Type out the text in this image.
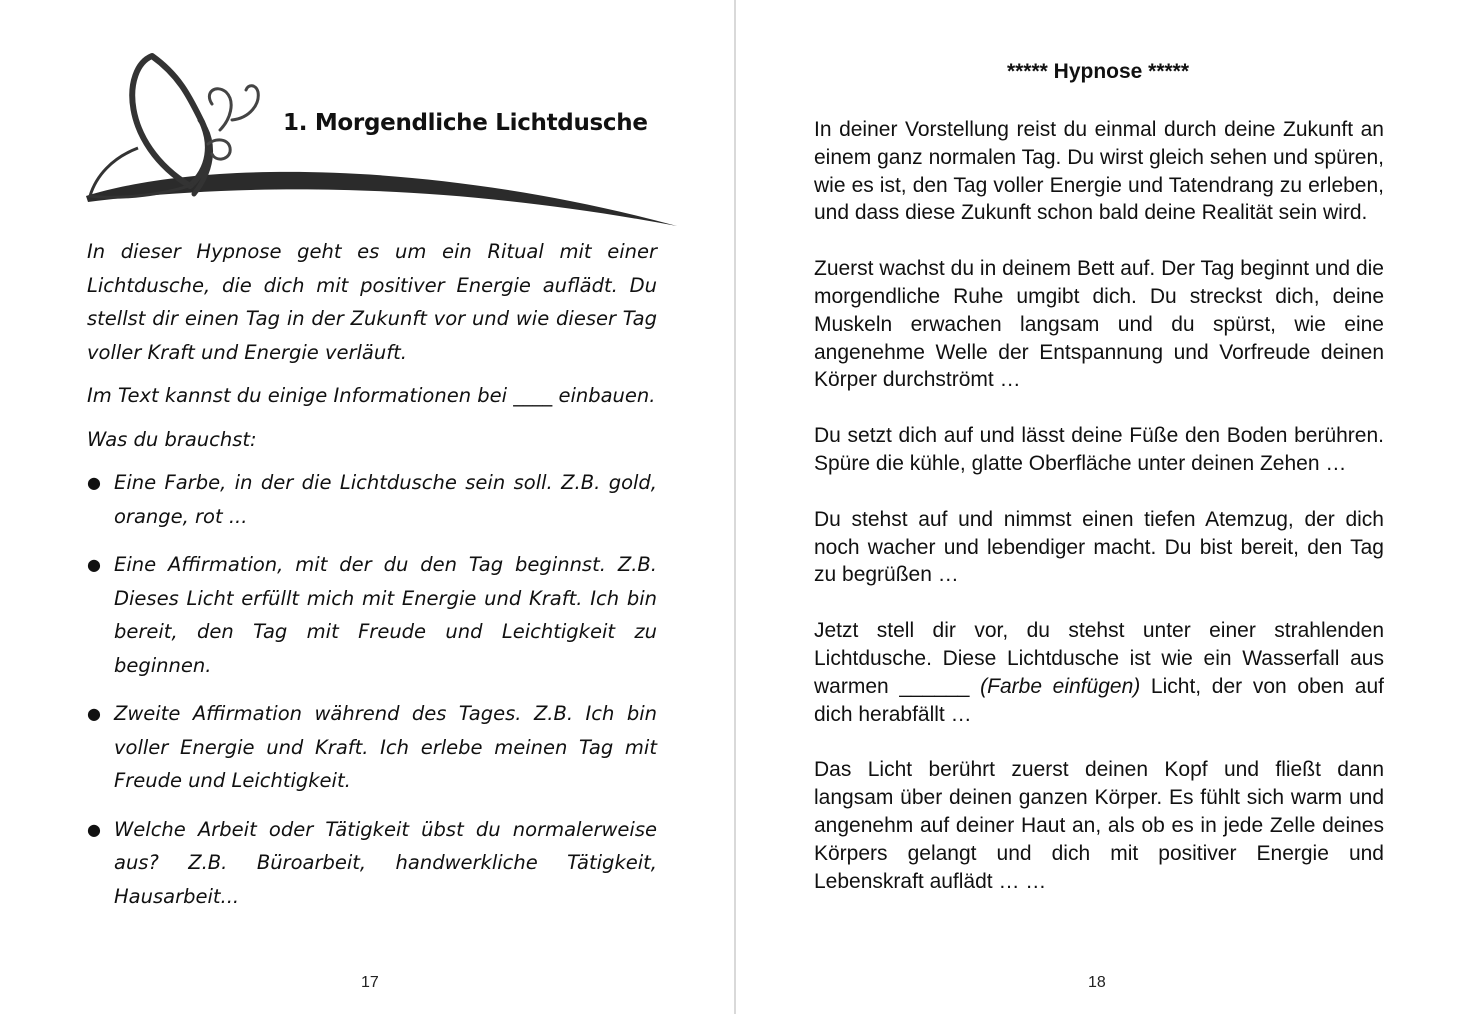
1. Morgendliche Lichtdusche

In dieser Hypnose geht es um ein Ritual mit einer Lichtdusche, die dich mit positiver Energie auflädt. Du stellst dir einen Tag in der Zukunft vor und wie dieser Tag voller Kraft und Energie verläuft.

Im Text kannst du einige Informationen bei ____ einbauen.

Was du brauchst:

● Eine Farbe, in der die Lichtdusche sein soll. Z.B. gold, orange, rot ...
● Eine Affirmation, mit der du den Tag beginnst. Z.B. Dieses Licht erfüllt mich mit Energie und Kraft. Ich bin bereit, den Tag mit Freude und Leichtigkeit zu beginnen.
● Zweite Affirmation während des Tages. Z.B. Ich bin voller Energie und Kraft. Ich erlebe meinen Tag mit Freude und Leichtigkeit.
● Welche Arbeit oder Tätigkeit übst du normalerweise aus? Z.B. Büroarbeit, handwerkliche Tätigkeit, Hausarbeit...
17
***** Hypnose *****

In deiner Vorstellung reist du einmal durch deine Zukunft an einem ganz normalen Tag. Du wirst gleich sehen und spüren, wie es ist, den Tag voller Energie und Tatendrang zu erleben, und dass diese Zukunft schon bald deine Realität sein wird.

Zuerst wachst du in deinem Bett auf. Der Tag beginnt und die morgendliche Ruhe umgibt dich. Du streckst dich, deine Muskeln erwachen langsam und du spürst, wie eine angenehme Welle der Entspannung und Vorfreude deinen Körper durchströmt …

Du setzt dich auf und lässt deine Füße den Boden berühren. Spüre die kühle, glatte Oberfläche unter deinen Zehen …

Du stehst auf und nimmst einen tiefen Atemzug, der dich noch wacher und lebendiger macht. Du bist bereit, den Tag zu begrüßen …

Jetzt stell dir vor, du stehst unter einer strahlenden Lichtdusche. Diese Lichtdusche ist wie ein Wasserfall aus warmen ______ (Farbe einfügen) Licht, der von oben auf dich herabfällt …

Das Licht berührt zuerst deinen Kopf und fließt dann langsam über deinen ganzen Körper. Es fühlt sich warm und angenehm auf deiner Haut an, als ob es in jede Zelle deines Körpers gelangt und dich mit positiver Energie und Lebenskraft auflädt … …

18
